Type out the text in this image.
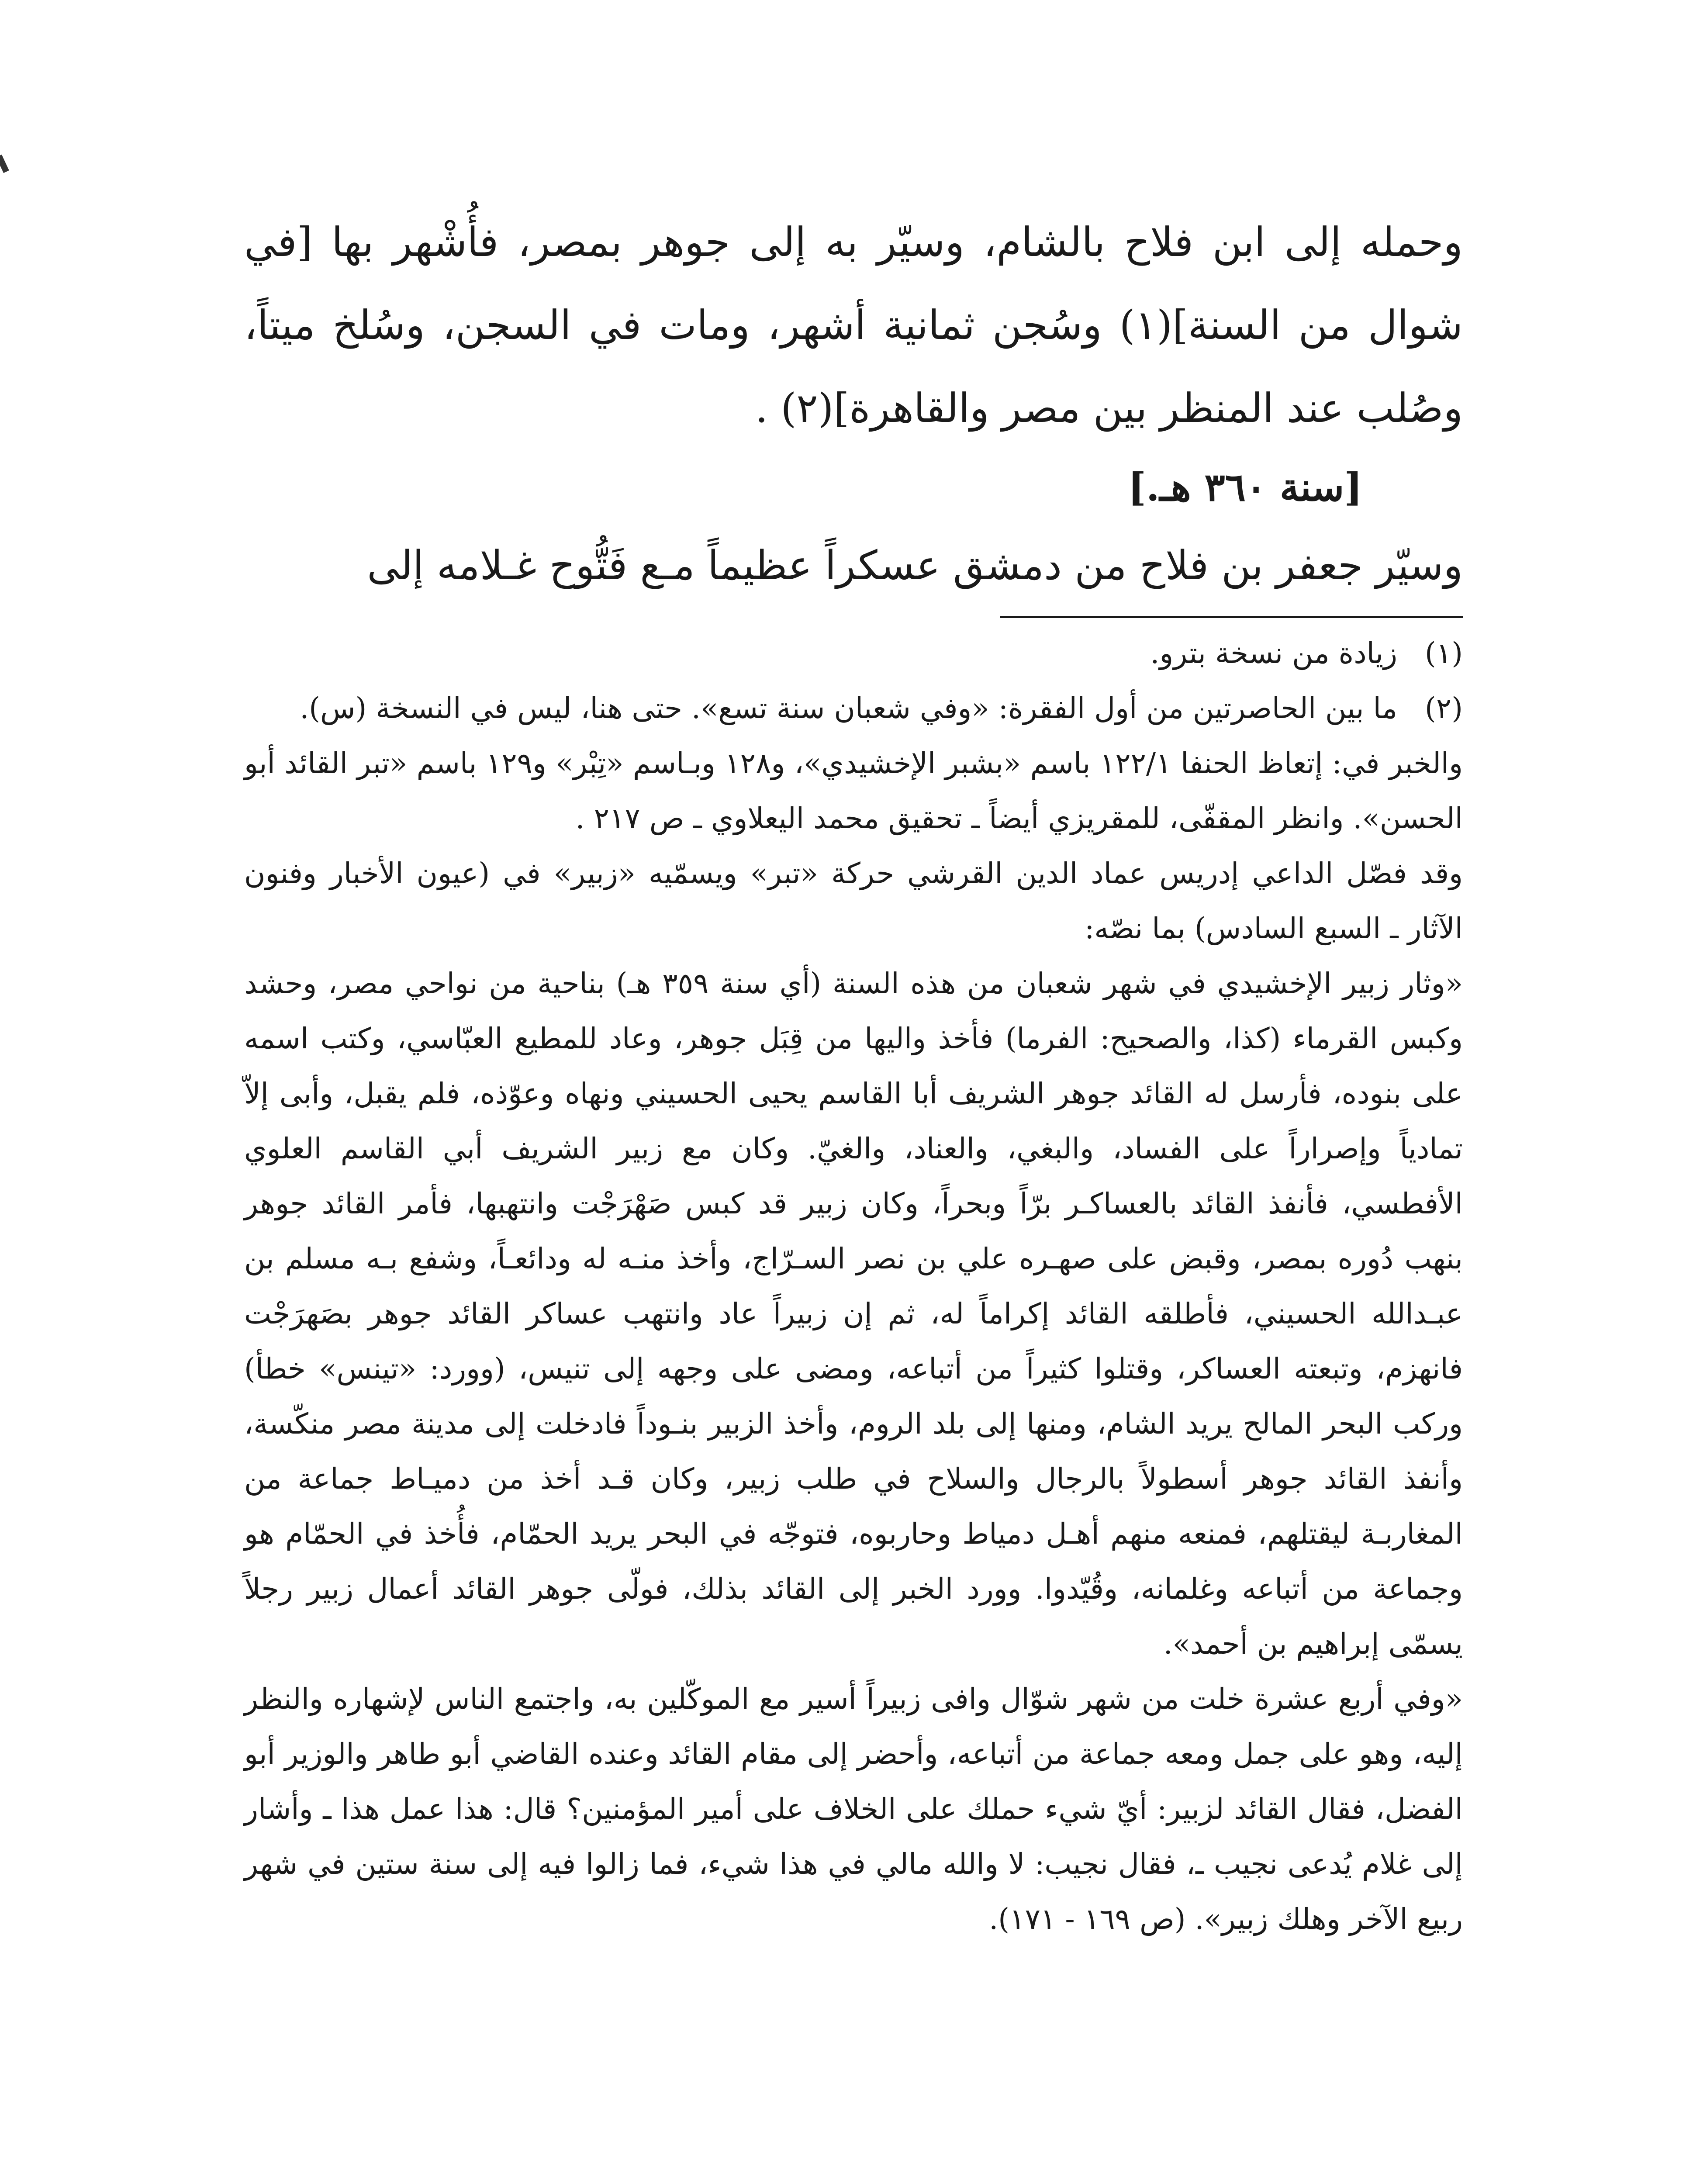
وحمله إلى ابن فلاح بالشام، وسيّر به إلى جوهر بمصر، فأُشْهر بها [في شوال من السنة](١) وسُجن ثمانية أشهر، ومات في السجن، وسُلخ ميتاً، وصُلب عند المنظر بين مصر والقاهرة](٢) .

[سنة ٣٦٠ هـ.]

وسيّر جعفر بن فلاح من دمشق عسكراً عظيماً مـع فَتُّوح غـلامه إلى

(١)
زيادة من نسخة بترو.
(٢)
ما بين الحاصرتين من أول الفقرة: «وفي شعبان سنة تسع». حتى هنا، ليس في النسخة (س).

والخبر في: إتعاظ الحنفا ١٢٢/١ باسم «بشبر الإخشيدي»، و١٢٨ وبـاسم «تِبْر» و١٢٩ باسم «تبر القائد أبو الحسن». وانظر المقفّى، للمقريزي أيضاً ـ تحقيق محمد اليعلاوي ـ ص ٢١٧ .

وقد فصّل الداعي إدريس عماد الدين القرشي حركة «تبر» ويسمّيه «زبير» في (عيون الأخبار وفنون الآثار ـ السبع السادس) بما نصّه:

«وثار زبير الإخشيدي في شهر شعبان من هذه السنة (أي سنة ٣٥٩ هـ) بناحية من نواحي مصر، وحشد وكبس القرماء (كذا، والصحيح: الفرما) فأخذ واليها من قِبَل جوهر، وعاد للمطيع العبّاسي، وكتب اسمه على بنوده، فأرسل له القائد جوهر الشريف أبا القاسم يحيى الحسيني ونهاه وعوّذه، فلم يقبل، وأبى إلاّ تمادياً وإصراراً على الفساد، والبغي، والعناد، والغيّ. وكان مع زبير الشريف أبي القاسم العلوي الأفطسي، فأنفذ القائد بالعساكـر برّاً وبحراً، وكان زبير قد كبس صَهْرَجْت وانتهبها، فأمر القائد جوهر بنهب دُوره بمصر، وقبض على صهـره علي بن نصر السـرّاج، وأخذ منـه له ودائعـاً، وشفع بـه مسلم بن عبـدالله الحسيني، فأطلقه القائد إكراماً له، ثم إن زبيراً عاد وانتهب عساكر القائد جوهر بصَهرَجْت فانهزم، وتبعته العساكر، وقتلوا كثيراً من أتباعه، ومضى على وجهه إلى تنيس، (وورد: «تينس» خطأ) وركب البحر المالح يريد الشام، ومنها إلى بلد الروم، وأخذ الزبير بنـوداً فادخلت إلى مدينة مصر منكّسة، وأنفذ القائد جوهر أسطولاً بالرجال والسلاح في طلب زبير، وكان قـد أخذ من دميـاط جماعة من المغاربـة ليقتلهم، فمنعه منهم أهـل دمياط وحاربوه، فتوجّه في البحر يريد الحمّام، فأُخذ في الحمّام هو وجماعة من أتباعه وغلمانه، وقُيّدوا. وورد الخبر إلى القائد بذلك، فولّى جوهر القائد أعمال زبير رجلاً يسمّى إبراهيم بن أحمد».

«وفي أربع عشرة خلت من شهر شوّال وافى زبيراً أسير مع الموكّلين به، واجتمع الناس لإشهاره والنظر إليه، وهو على جمل ومعه جماعة من أتباعه، وأحضر إلى مقام القائد وعنده القاضي أبو طاهر والوزير أبو الفضل، فقال القائد لزبير: أيّ شيء حملك على الخلاف على أمير المؤمنين؟ قال: هذا عمل هذا ـ وأشار إلى غلام يُدعى نجيب ـ، فقال نجيب: لا والله مالي في هذا شيء، فما زالوا فيه إلى سنة ستين في شهر ربيع الآخر وهلك زبير». (ص ١٦٩ - ١٧١).
